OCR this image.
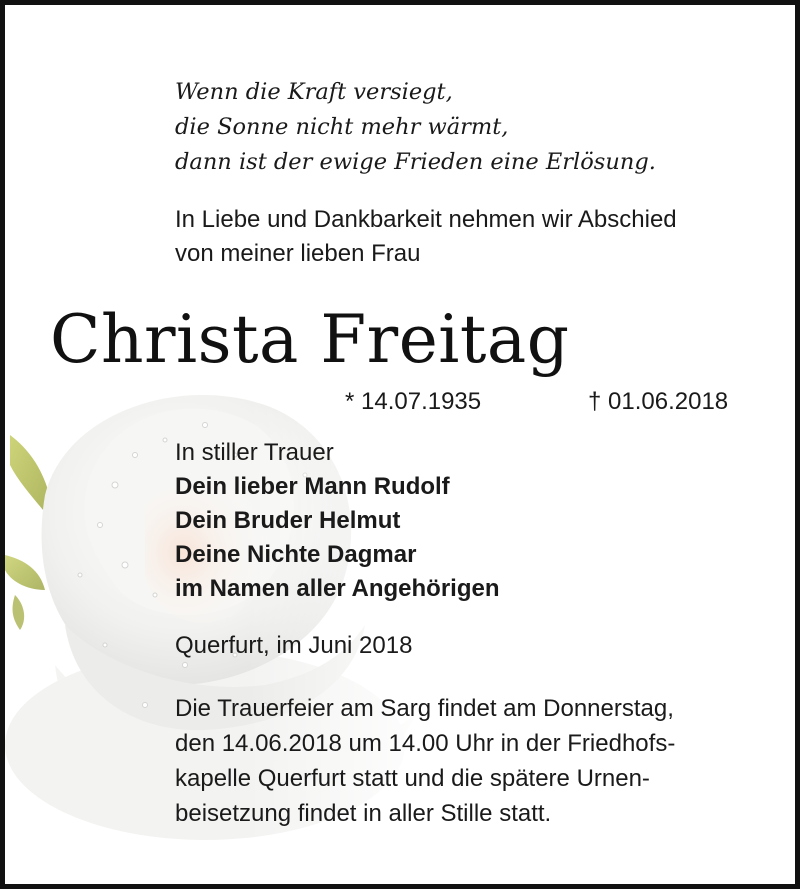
Wenn die Kraft versiegt,
die Sonne nicht mehr wärmt,
dann ist der ewige Frieden eine Erlösung.
In Liebe und Dankbarkeit nehmen wir Abschied
von meiner lieben Frau
Christa Freitag
* 14.07.1935	† 01.06.2018
In stiller Trauer
Dein lieber Mann Rudolf
Dein Bruder Helmut
Deine Nichte Dagmar
im Namen aller Angehörigen
Querfurt, im Juni 2018
Die Trauerfeier am Sarg findet am Donnerstag,
den 14.06.2018 um 14.00 Uhr in der Friedhofs-
kapelle Querfurt statt und die spätere Urnen-
beisetzung findet in aller Stille statt.
